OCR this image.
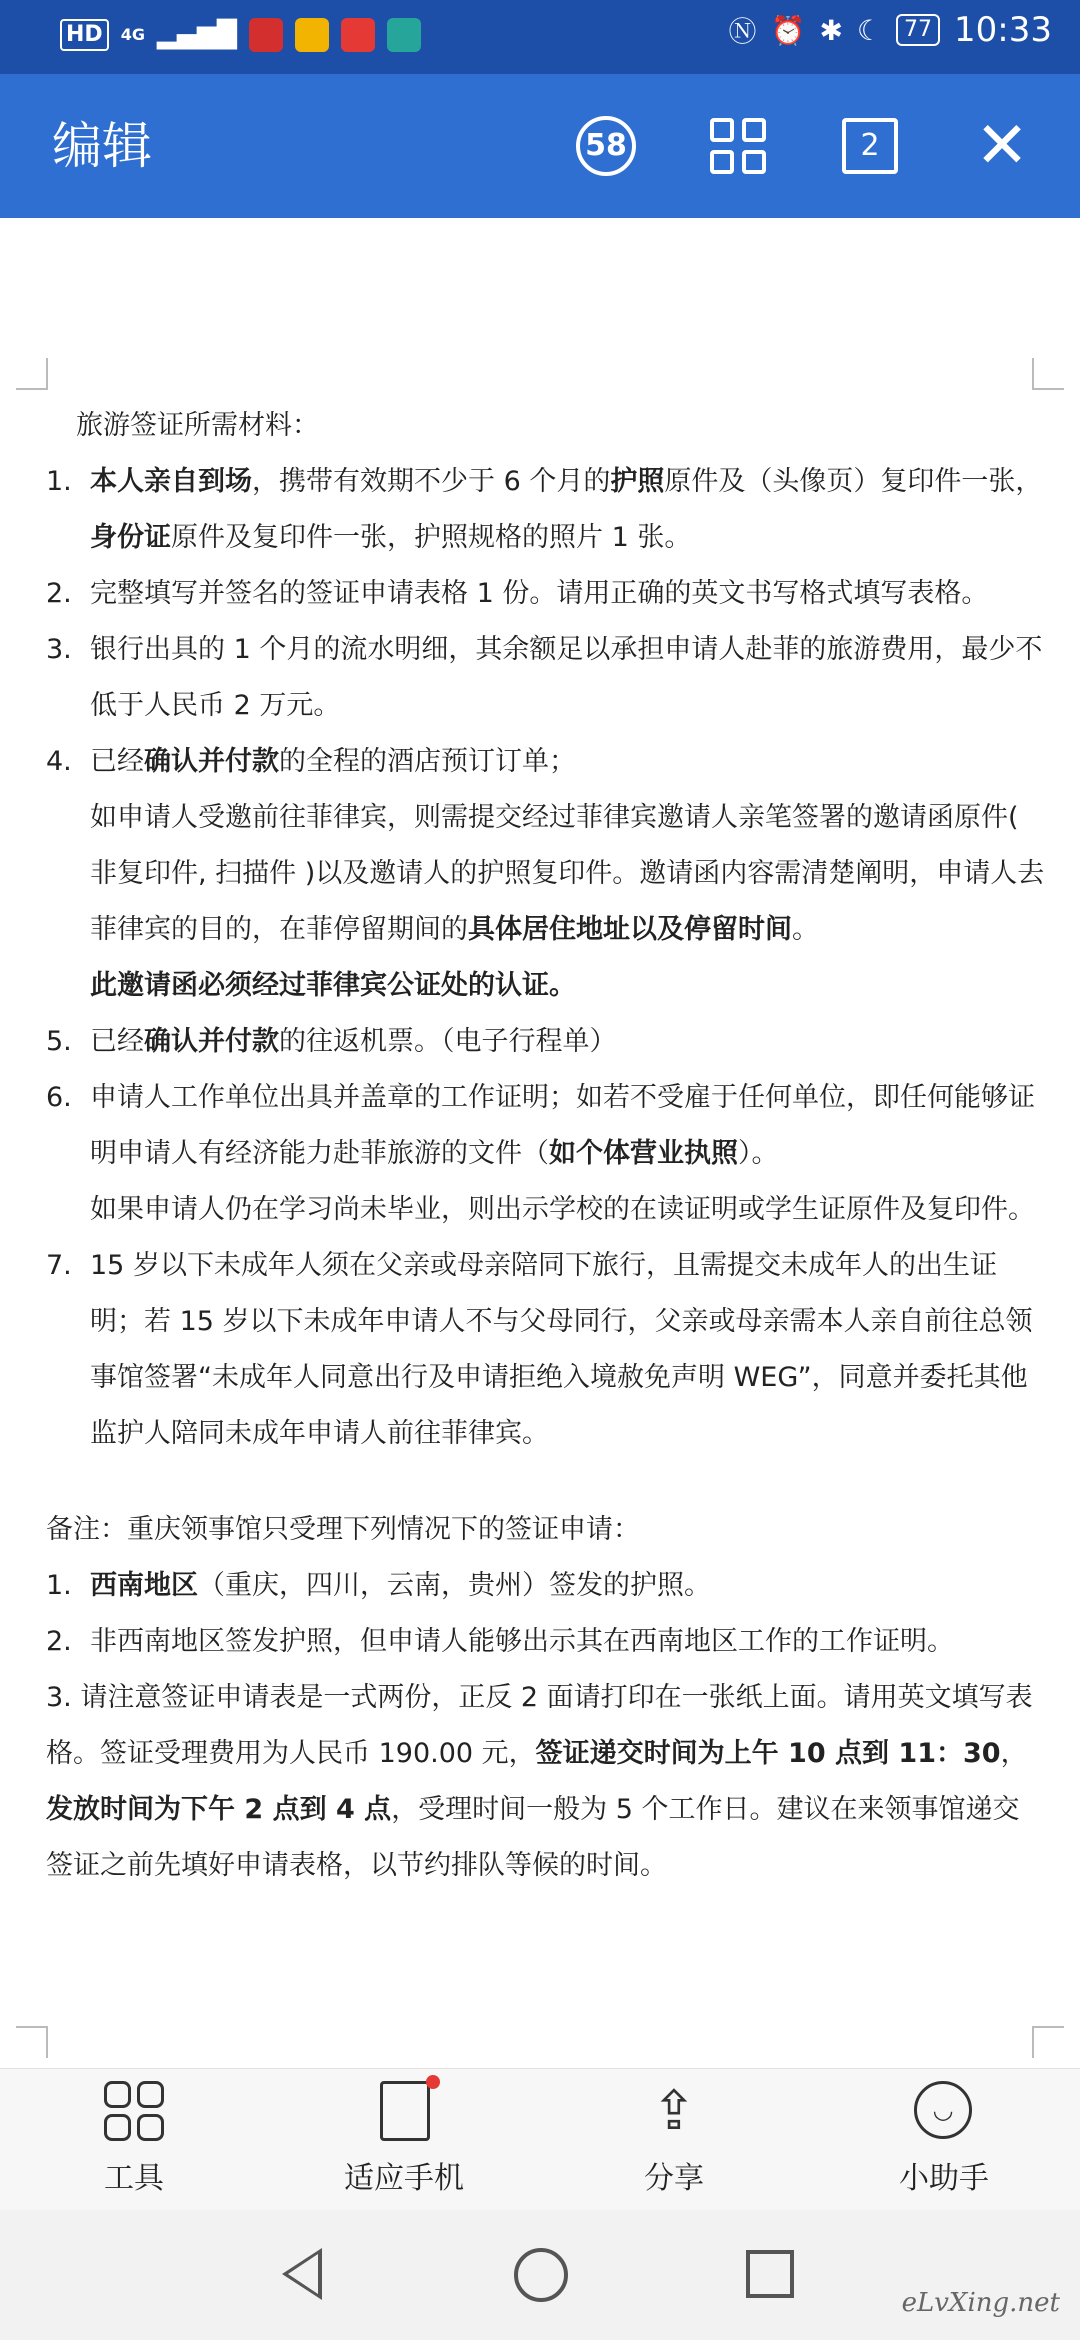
HD	4G ▂▄▆█	Ⓝ ⏰ ✱ ☾	77 10:33
编辑	58	2 ✕
旅游签证所需材料：
1. 本人亲自到场，携带有效期不少于 6 个月的护照原件及（头像页）复印件一张，身份证原件及复印件一张，护照规格的照片 1 张。
2. 完整填写并签名的签证申请表格 1 份。请用正确的英文书写格式填写表格。
3. 银行出具的 1 个月的流水明细，其余额足以承担申请人赴菲的旅游费用，最少不低于人民币 2 万元。
4. 已经确认并付款的全程的酒店预订订单；
如申请人受邀前往菲律宾，则需提交经过菲律宾邀请人亲笔签署的邀请函原件( 非复印件, 扫描件 )以及邀请人的护照复印件。邀请函内容需清楚阐明，申请人去菲律宾的目的，在菲停留期间的具体居住地址以及停留时间。
此邀请函必须经过菲律宾公证处的认证。
5. 已经确认并付款的往返机票。（电子行程单）
6. 申请人工作单位出具并盖章的工作证明；如若不受雇于任何单位，即任何能够证明申请人有经济能力赴菲旅游的文件（如个体营业执照）。
如果申请人仍在学习尚未毕业，则出示学校的在读证明或学生证原件及复印件。
7. 15 岁以下未成年人须在父亲或母亲陪同下旅行，且需提交未成年人的出生证明；若 15 岁以下未成年申请人不与父母同行，父亲或母亲需本人亲自前往总领事馆签署“未成年人同意出行及申请拒绝入境赦免声明 WEG”，同意并委托其他监护人陪同未成年申请人前往菲律宾。
备注：重庆领事馆只受理下列情况下的签证申请：
1. 西南地区（重庆，四川，云南，贵州）签发的护照。
2. 非西南地区签发护照，但申请人能够出示其在西南地区工作的工作证明。
3. 请注意签证申请表是一式两份，正反 2 面请打印在一张纸上面。请用英文填写表格。签证受理费用为人民币 190.00 元，签证递交时间为上午 10 点到 11：30，发放时间为下午 2 点到 4 点，受理时间一般为 5 个工作日。建议在来领事馆递交签证之前先填好申请表格，以节约排队等候的时间。
工具	适应手机
⇪
分享
◡
小助手
eLvXing.net
